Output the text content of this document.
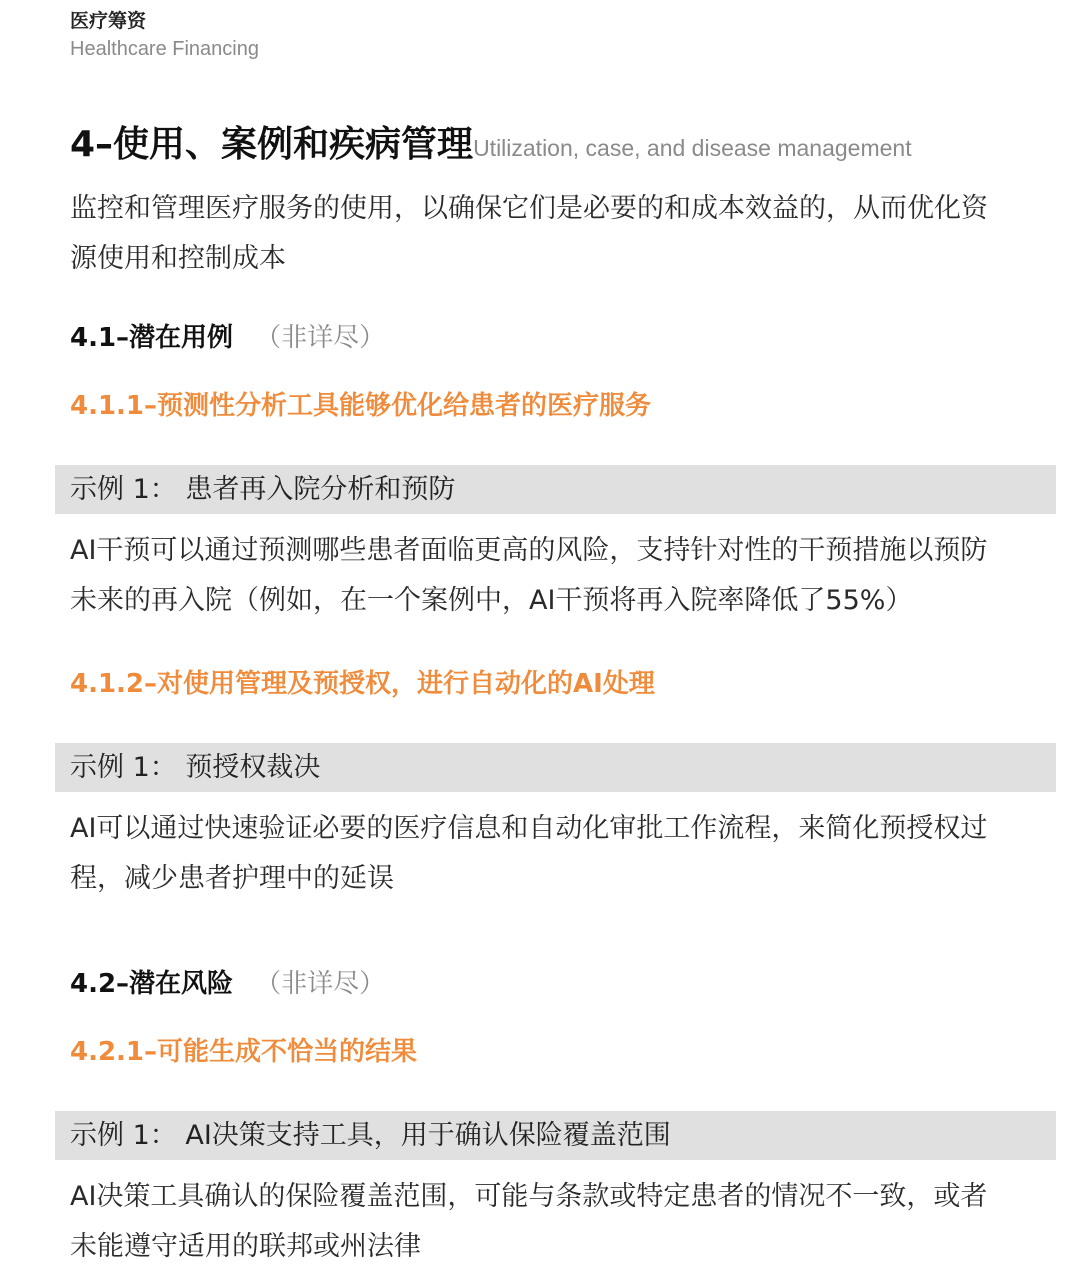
医疗筹资
Healthcare Financing
4–使用、案例和疾病管理 Utilization, case, and disease management
监控和管理医疗服务的使用，以确保它们是必要的和成本效益的，从而优化资
源使用和控制成本
4.1–潜在用例 （非详尽）
4.1.1–预测性分析工具能够优化给患者的医疗服务
示例 1： 患者再入院分析和预防
AI干预可以通过预测哪些患者面临更高的风险，支持针对性的干预措施以预防
未来的再入院（例如，在一个案例中，AI干预将再入院率降低了55%）
4.1.2–对使用管理及预授权，进行自动化的AI处理
示例 1： 预授权裁决
AI可以通过快速验证必要的医疗信息和自动化审批工作流程，来简化预授权过
程，减少患者护理中的延误
4.2–潜在风险 （非详尽）
4.2.1–可能生成不恰当的结果
示例 1： AI决策支持工具，用于确认保险覆盖范围
AI决策工具确认的保险覆盖范围，可能与条款或特定患者的情况不一致，或者
未能遵守适用的联邦或州法律
